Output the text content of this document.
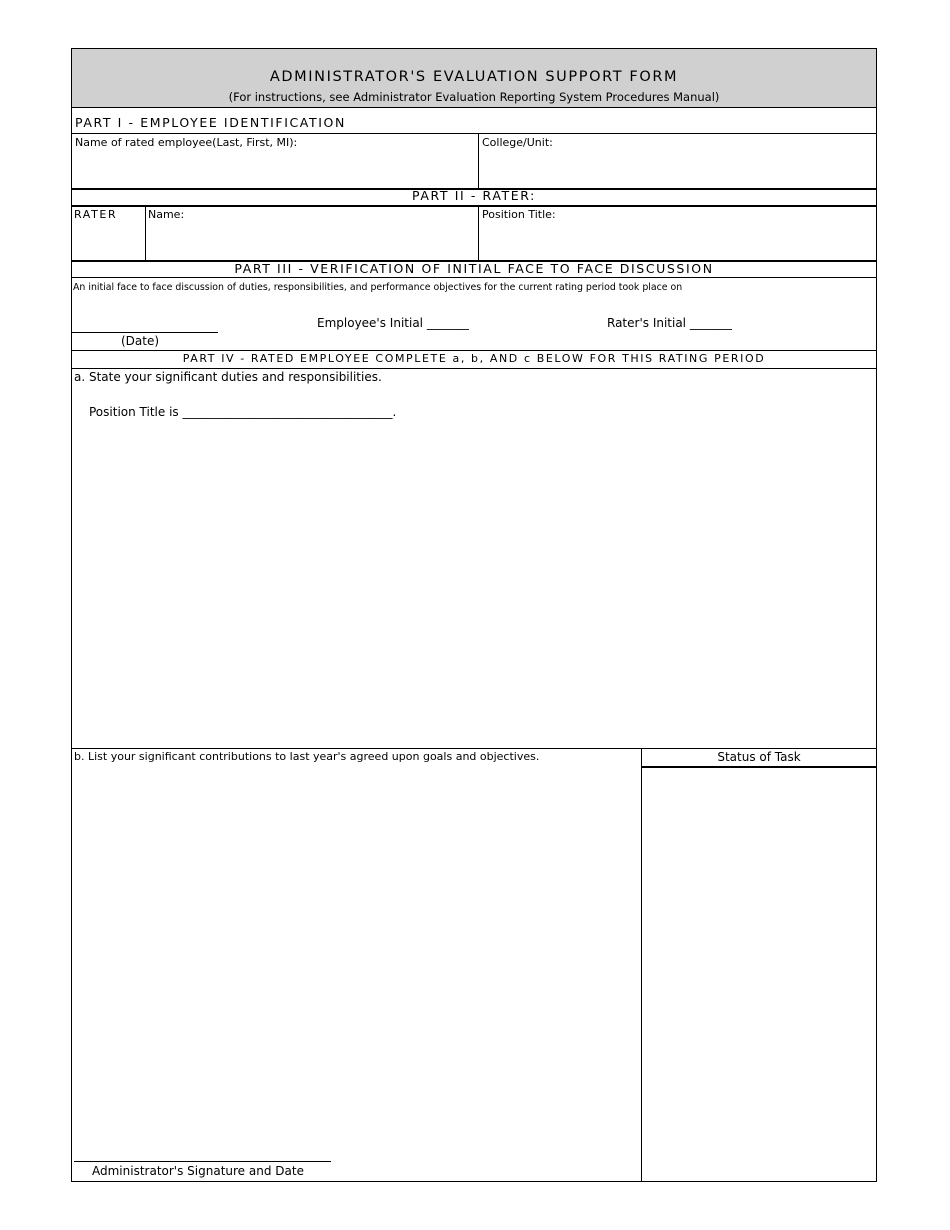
ADMINISTRATOR'S EVALUATION SUPPORT FORM
(For instructions, see Administrator Evaluation Reporting System Procedures Manual)
PART I - EMPLOYEE IDENTIFICATION
Name of rated employee(Last, First, MI):	College/Unit:
PART II - RATER:
RATER	Name:	Position Title:
PART III - VERIFICATION OF INITIAL FACE TO FACE DISCUSSION
An initial face to face discussion of duties, responsibilities, and performance objectives for the current rating period took place on
(Date)
Employee's Initial _______	Rater's Initial _______
PART IV - RATED EMPLOYEE COMPLETE a, b, AND c BELOW FOR THIS RATING PERIOD
a. State your significant duties and responsibilities.
Position Title is ___________________________________.
b. List your significant contributions to last year's agreed upon goals and objectives.	Status of Task
Administrator's Signature and Date
